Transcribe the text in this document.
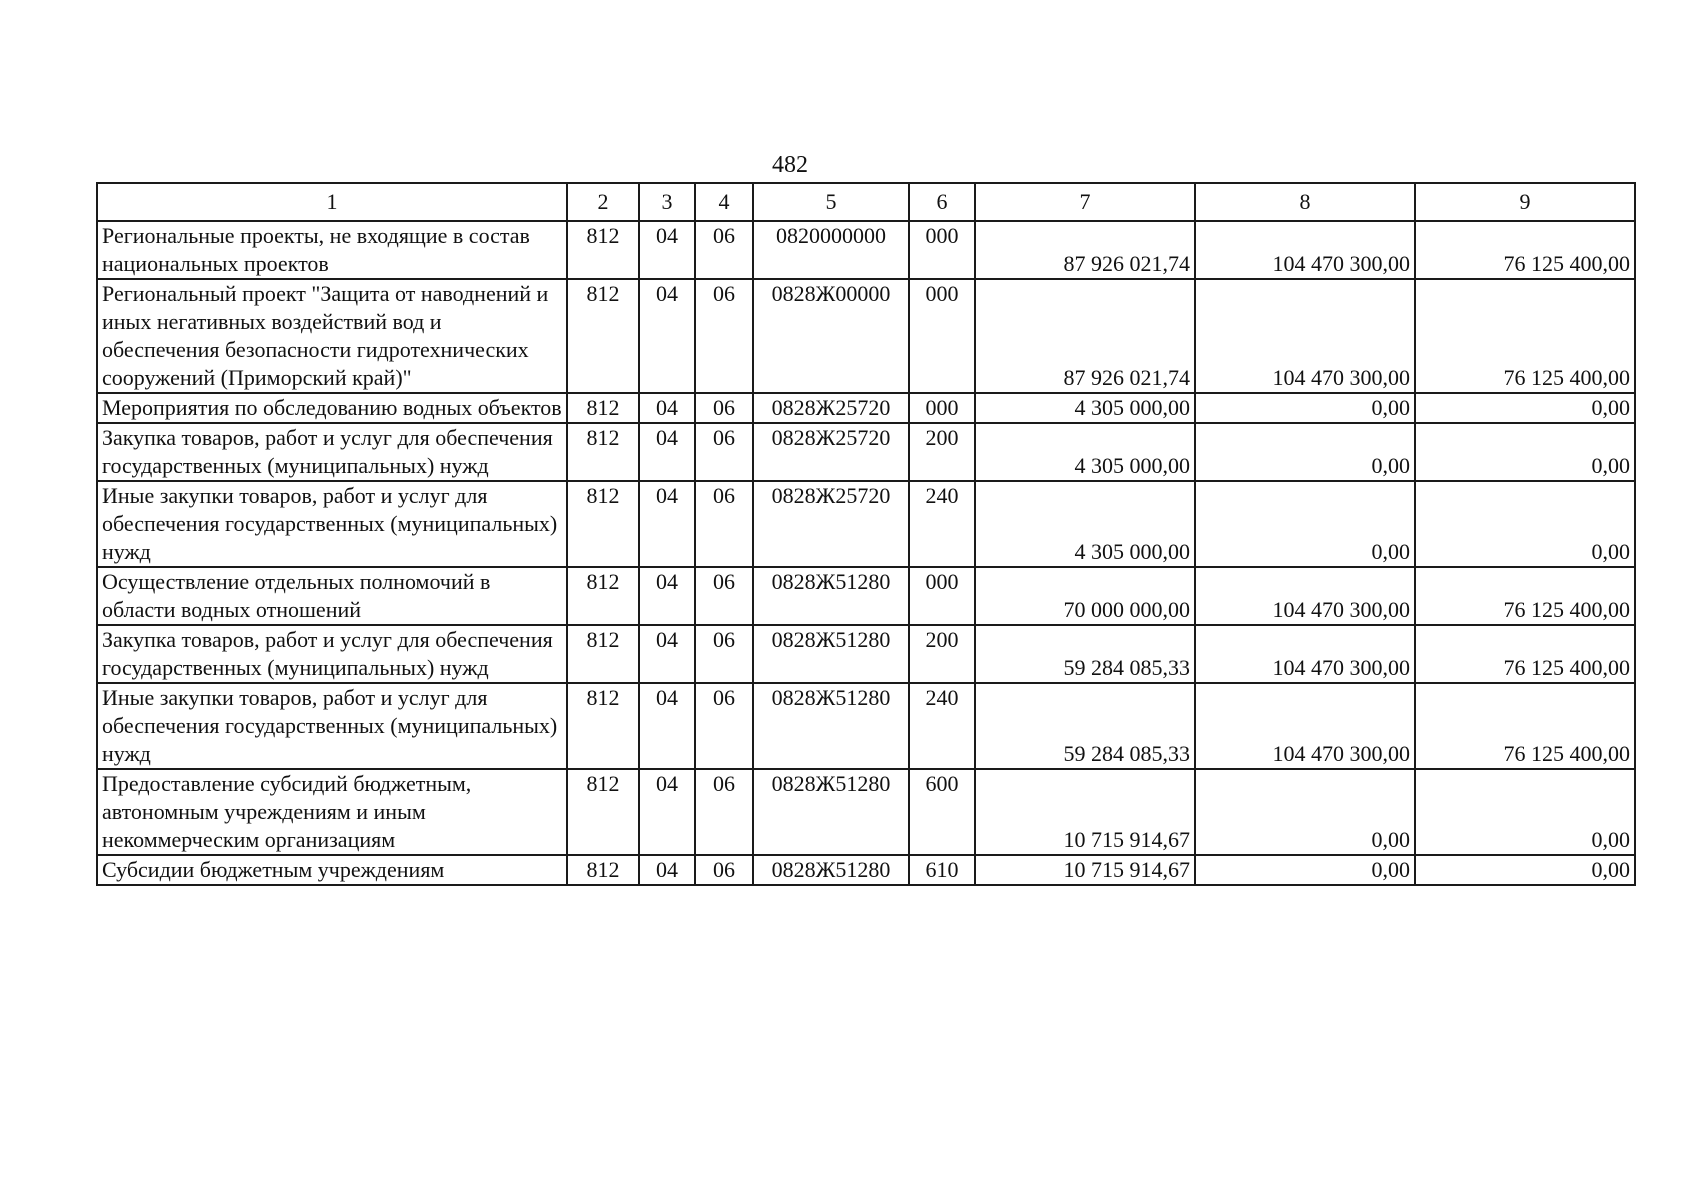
482
1	2	3	4	5	6	7	8	9
Региональные проекты, не входящие в состав национальных проектов	812	04	06	0820000000	000	87 926 021,74	104 470 300,00	76 125 400,00
Региональный проект "Защита от наводнений и иных негативных воздействий вод и обеспечения безопасности гидротехнических сооружений (Приморский край)"	812	04	06	0828Ж00000	000	87 926 021,74	104 470 300,00	76 125 400,00
Мероприятия по обследованию водных объектов	812	04	06	0828Ж25720	000	4 305 000,00	0,00	0,00
Закупка товаров, работ и услуг для обеспечения государственных (муниципальных) нужд	812	04	06	0828Ж25720	200	4 305 000,00	0,00	0,00
Иные закупки товаров, работ и услуг для обеспечения государственных (муниципальных) нужд	812	04	06	0828Ж25720	240	4 305 000,00	0,00	0,00
Осуществление отдельных полномочий в области водных отношений	812	04	06	0828Ж51280	000	70 000 000,00	104 470 300,00	76 125 400,00
Закупка товаров, работ и услуг для обеспечения государственных (муниципальных) нужд	812	04	06	0828Ж51280	200	59 284 085,33	104 470 300,00	76 125 400,00
Иные закупки товаров, работ и услуг для обеспечения государственных (муниципальных) нужд	812	04	06	0828Ж51280	240	59 284 085,33	104 470 300,00	76 125 400,00
Предоставление субсидий бюджетным, автономным учреждениям и иным некоммерческим организациям	812	04	06	0828Ж51280	600	10 715 914,67	0,00	0,00
Субсидии бюджетным учреждениям	812	04	06	0828Ж51280	610	10 715 914,67	0,00	0,00
